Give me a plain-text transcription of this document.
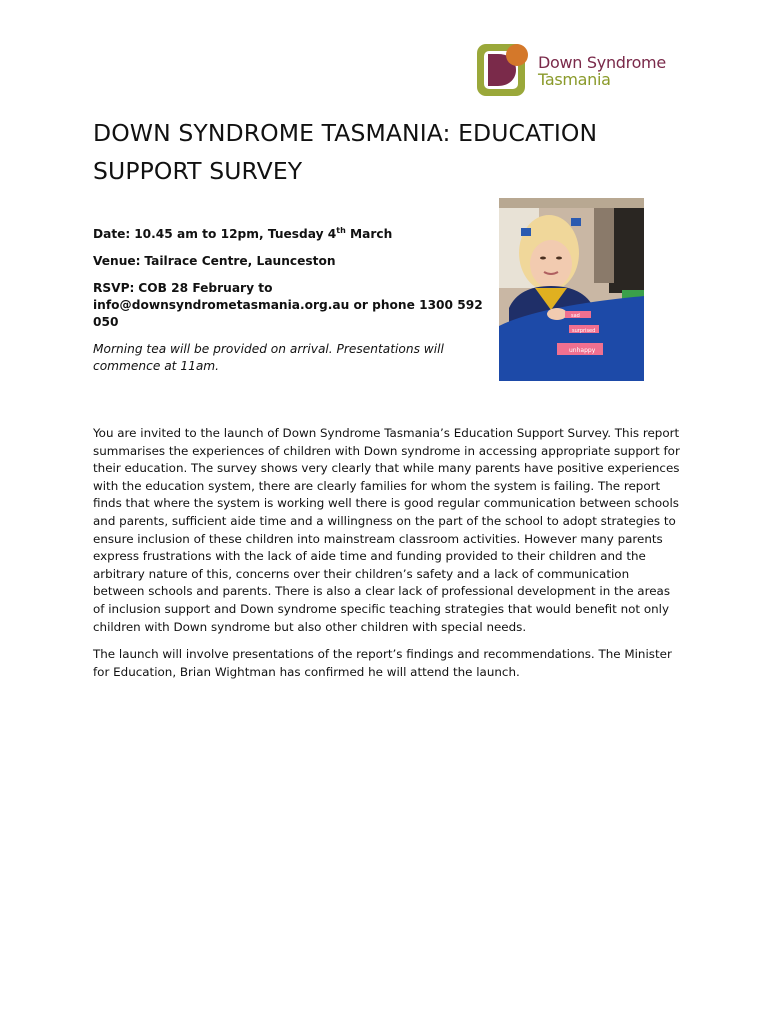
Down Syndrome
Tasmania
DOWN SYNDROME TASMANIA: EDUCATION SUPPORT SURVEY

Date: 10.45 am to 12pm, Tuesday 4th March

Venue: Tailrace Centre, Launceston

RSVP: COB 28 February to info@downsyndrometasmania.org.au or phone 1300 592 050

Morning tea will be provided on arrival. Presentations will commence at 11am.

sad
surprised
unhappy

You are invited to the launch of Down Syndrome Tasmania’s Education Support Survey. This report summarises the experiences of children with Down syndrome in accessing appropriate support for their education. The survey shows very clearly that while many parents have positive experiences with the education system, there are clearly families for whom the system is failing. The report finds that where the system is working well there is good regular communication between schools and parents, sufficient aide time and a willingness on the part of the school to adopt strategies to ensure inclusion of these children into mainstream classroom activities. However many parents express frustrations with the lack of aide time and funding provided to their children and the arbitrary nature of this, concerns over their children’s safety and a lack of communication between schools and parents. There is also a clear lack of professional development in the areas of inclusion support and Down syndrome specific teaching strategies that would benefit not only children with Down syndrome but also other children with special needs.

The launch will involve presentations of the report’s findings and recommendations. The Minister for Education, Brian Wightman has confirmed he will attend the launch.
